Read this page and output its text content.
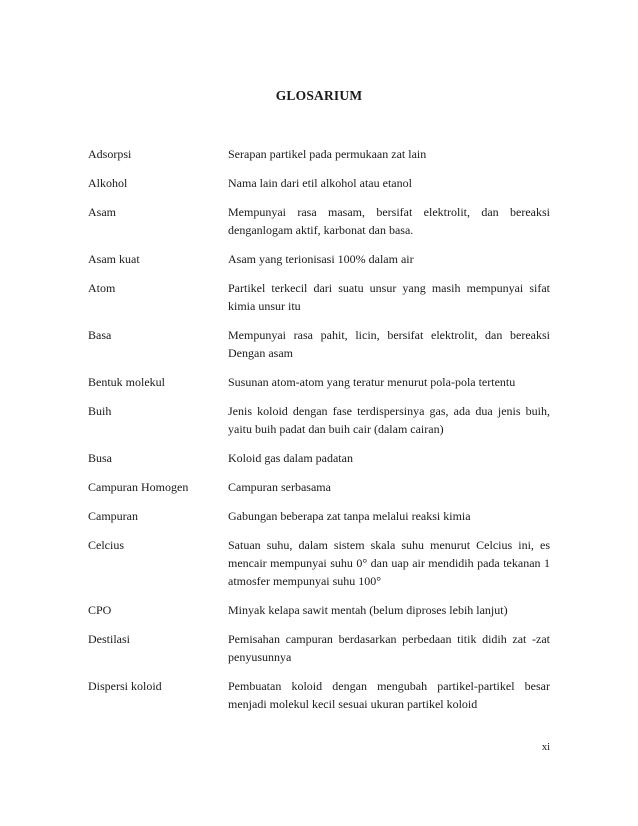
GLOSARIUM
Adsorpsi	Serapan partikel pada permukaan zat lain
Alkohol	Nama lain dari etil alkohol atau etanol
Asam	Mempunyai rasa masam, bersifat elektrolit, dan bereaksi denganlogam aktif, karbonat dan basa.
Asam kuat	Asam yang terionisasi 100% dalam air
Atom	Partikel terkecil dari suatu unsur yang masih mempunyai sifat kimia unsur itu
Basa	Mempunyai rasa pahit, licin, bersifat elektrolit, dan bereaksi Dengan asam
Bentuk molekul	Susunan atom-atom yang teratur menurut pola-pola tertentu
Buih	Jenis koloid dengan fase terdispersinya gas, ada dua jenis buih, yaitu buih padat dan buih cair (dalam cairan)
Busa	Koloid gas dalam padatan
Campuran Homogen	Campuran serbasama
Campuran	Gabungan beberapa zat tanpa melalui reaksi kimia
Celcius	Satuan suhu, dalam sistem skala suhu menurut Celcius ini, es mencair mempunyai suhu 0° dan uap air mendidih pada tekanan 1 atmosfer mempunyai suhu 100°
CPO	Minyak kelapa sawit mentah (belum diproses lebih lanjut)
Destilasi	Pemisahan campuran berdasarkan perbedaan titik didih zat -zat penyusunnya
Dispersi koloid	Pembuatan koloid dengan mengubah partikel-partikel besar menjadi molekul kecil sesuai ukuran partikel koloid
xi
